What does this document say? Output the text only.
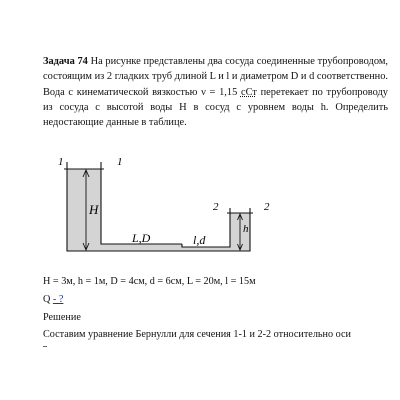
Задача 74 На рисунке представлены два сосуда соединенные трубопроводом, состоящим из 2 гладких труб длиной L и l и диаметром D и d соответственно. Вода с кинематической вязкостью ν = 1,15 сСт перетекает по трубопроводу из сосуда с высотой воды H в сосуд с уровнем воды h. Определить недостающие данные в таблице.

1	1
2	2
H
h
L,D	l,d
H = 3м, h = 1м, D = 4см, d = 6см, L = 20м, l = 15м
Q - ?
Решение
Составим уравнение Бернулли для сечения 1-1 и 2-2 относительно оси
